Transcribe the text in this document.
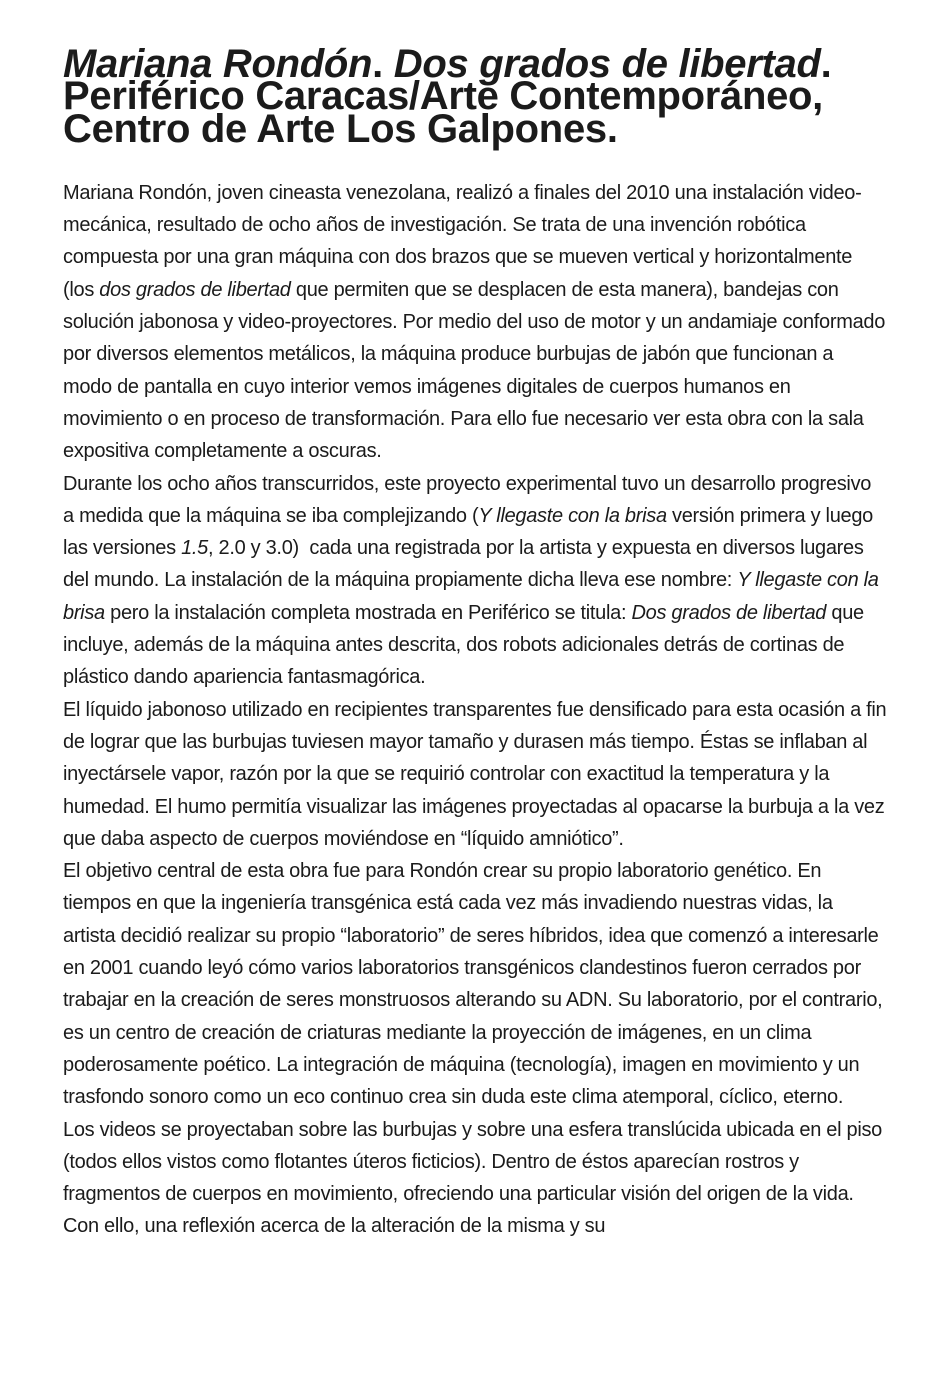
Mariana Rondón. Dos grados de libertad. Periférico Caracas/Arte Contemporáneo, Centro de Arte Los Galpones.

Mariana Rondón, joven cineasta venezolana, realizó a finales del 2010 una instalación video-mecánica, resultado de ocho años de investigación. Se trata de una invención robótica compuesta por una gran máquina con dos brazos que se mueven vertical y horizontalmente (los dos grados de libertad que permiten que se desplacen de esta manera), bandejas con solución jabonosa y video-proyectores. Por medio del uso de motor y un andamiaje conformado por diversos elementos metálicos, la máquina produce burbujas de jabón que funcionan a modo de pantalla en cuyo interior vemos imágenes digitales de cuerpos humanos en movimiento o en proceso de transformación. Para ello fue necesario ver esta obra con la sala expositiva completamente a oscuras.

Durante los ocho años transcurridos, este proyecto experimental tuvo un desarrollo progresivo a medida que la máquina se iba complejizando (Y llegaste con la brisa versión primera y luego las versiones 1.5, 2.0 y 3.0)  cada una registrada por la artista y expuesta en diversos lugares del mundo. La instalación de la máquina propiamente dicha lleva ese nombre: Y llegaste con la brisa pero la instalación completa mostrada en Periférico se titula: Dos grados de libertad que incluye, además de la máquina antes descrita, dos robots adicionales detrás de cortinas de plástico dando apariencia fantasmagórica.

El líquido jabonoso utilizado en recipientes transparentes fue densificado para esta ocasión a fin de lograr que las burbujas tuviesen mayor tamaño y durasen más tiempo. Éstas se inflaban al inyectársele vapor, razón por la que se requirió controlar con exactitud la temperatura y la humedad. El humo permitía visualizar las imágenes proyectadas al opacarse la burbuja a la vez que daba aspecto de cuerpos moviéndose en “líquido amniótico”.

El objetivo central de esta obra fue para Rondón crear su propio laboratorio genético. En tiempos en que la ingeniería transgénica está cada vez más invadiendo nuestras vidas, la artista decidió realizar su propio “laboratorio” de seres híbridos, idea que comenzó a interesarle en 2001 cuando leyó cómo varios laboratorios transgénicos clandestinos fueron cerrados por trabajar en la creación de seres monstruosos alterando su ADN. Su laboratorio, por el contrario, es un centro de creación de criaturas mediante la proyección de imágenes, en un clima poderosamente poético. La integración de máquina (tecnología), imagen en movimiento y un trasfondo sonoro como un eco continuo crea sin duda este clima atemporal, cíclico, eterno.

Los videos se proyectaban sobre las burbujas y sobre una esfera translúcida ubicada en el piso (todos ellos vistos como flotantes úteros ficticios). Dentro de éstos aparecían rostros y fragmentos de cuerpos en movimiento, ofreciendo una particular visión del origen de la vida. Con ello, una reflexión acerca de la alteración de la misma y su
